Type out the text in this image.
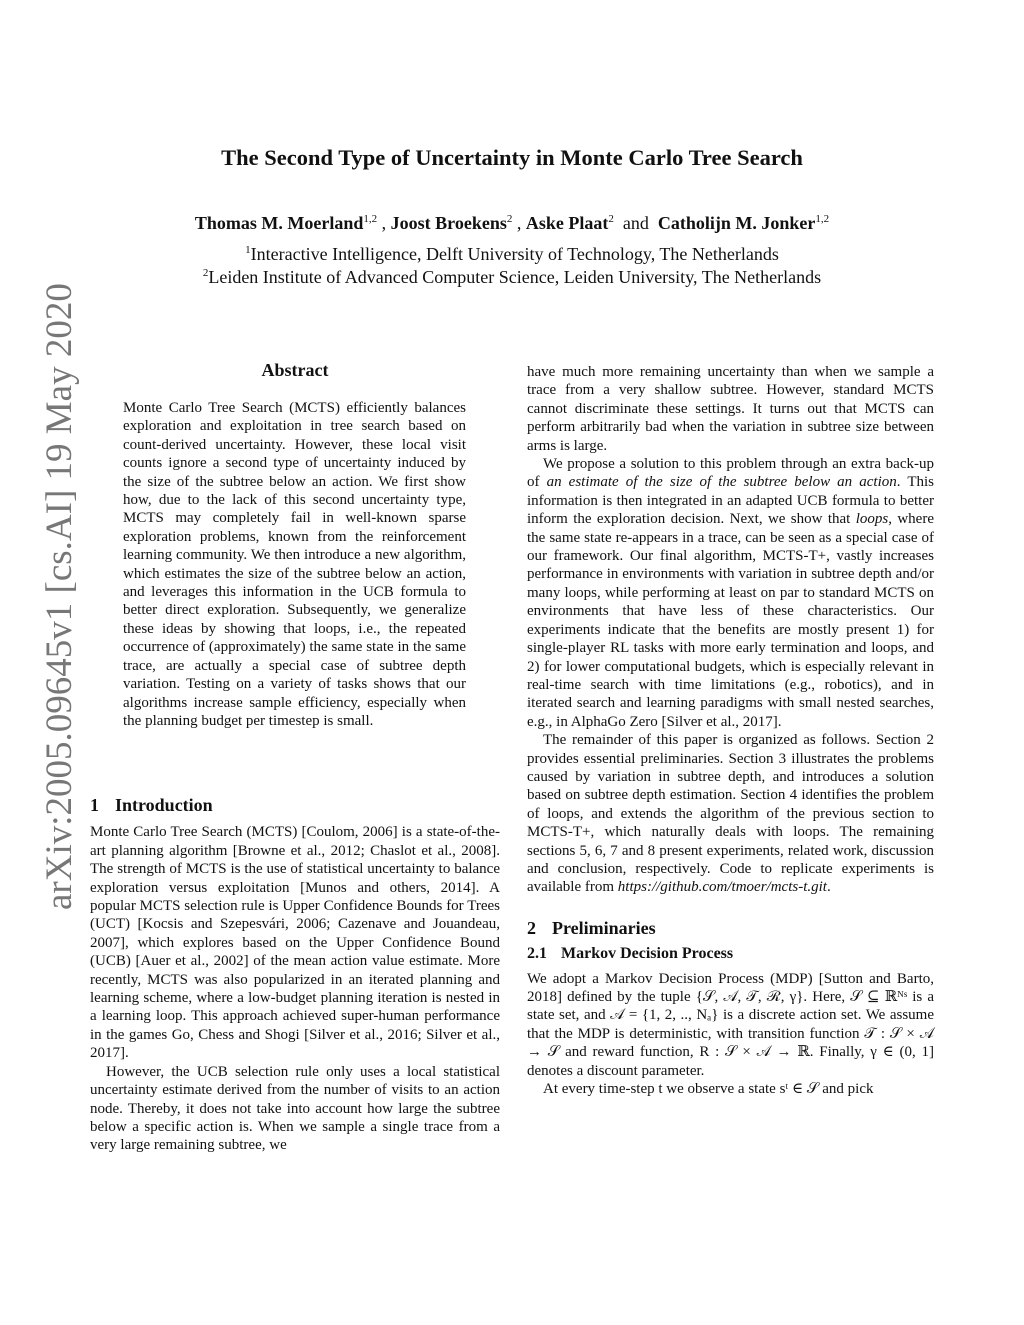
arXiv:2005.09645v1 [cs.AI] 19 May 2020
The Second Type of Uncertainty in Monte Carlo Tree Search
Thomas M. Moerland$^{1,2}$ , Joost Broekens$^2$ , Aske Plaat$^2$ and Catholijn M. Jonker$^{1,2}$
$^1$Interactive Intelligence, Delft University of Technology, The Netherlands
$^2$Leiden Institute of Advanced Computer Science, Leiden University, The Netherlands
Abstract
Monte Carlo Tree Search (MCTS) efficiently balances exploration and exploitation in tree search based on count-derived uncertainty. However, these local visit counts ignore a second type of uncertainty induced by the size of the subtree below an action. We first show how, due to the lack of this second uncertainty type, MCTS may completely fail in well-known sparse exploration problems, known from the reinforcement learning community. We then introduce a new algorithm, which estimates the size of the subtree below an action, and leverages this information in the UCB formula to better direct exploration. Subsequently, we generalize these ideas by showing that loops, i.e., the repeated occurrence of (approximately) the same state in the same trace, are actually a special case of subtree depth variation. Testing on a variety of tasks shows that our algorithms increase sample efficiency, especially when the planning budget per timestep is small.
1 Introduction

Monte Carlo Tree Search (MCTS) [Coulom, 2006] is a state-of-the-art planning algorithm [Browne et al., 2012; Chaslot et al., 2008]. The strength of MCTS is the use of statistical uncertainty to balance exploration versus exploitation [Munos and others, 2014]. A popular MCTS selection rule is Upper Confidence Bounds for Trees (UCT) [Kocsis and Szepesvári, 2006; Cazenave and Jouandeau, 2007], which explores based on the Upper Confidence Bound (UCB) [Auer et al., 2002] of the mean action value estimate. More recently, MCTS was also popularized in an iterated planning and learning scheme, where a low-budget planning iteration is nested in a learning loop. This approach achieved super-human performance in the games Go, Chess and Shogi [Silver et al., 2016; Silver et al., 2017].

However, the UCB selection rule only uses a local statistical uncertainty estimate derived from the number of visits to an action node. Thereby, it does not take into account how large the subtree below a specific action is. When we sample a single trace from a very large remaining subtree, we

have much more remaining uncertainty than when we sample a trace from a very shallow subtree. However, standard MCTS cannot discriminate these settings. It turns out that MCTS can perform arbitrarily bad when the variation in subtree size between arms is large.

We propose a solution to this problem through an extra back-up of an estimate of the size of the subtree below an action. This information is then integrated in an adapted UCB formula to better inform the exploration decision. Next, we show that loops, where the same state re-appears in a trace, can be seen as a special case of our framework. Our final algorithm, MCTS-T+, vastly increases performance in environments with variation in subtree depth and/or many loops, while performing at least on par to standard MCTS on environments that have less of these characteristics. Our experiments indicate that the benefits are mostly present 1) for single-player RL tasks with more early termination and loops, and 2) for lower computational budgets, which is especially relevant in real-time search with time limitations (e.g., robotics), and in iterated search and learning paradigms with small nested searches, e.g., in AlphaGo Zero [Silver et al., 2017].

The remainder of this paper is organized as follows. Section 2 provides essential preliminaries. Section 3 illustrates the problems caused by variation in subtree depth, and introduces a solution based on subtree depth estimation. Section 4 identifies the problem of loops, and extends the algorithm of the previous section to MCTS-T+, which naturally deals with loops. The remaining sections 5, 6, 7 and 8 present experiments, related work, discussion and conclusion, respectively. Code to replicate experiments is available from https://github.com/tmoer/mcts-t.git.

2 Preliminaries
2.1 Markov Decision Process

We adopt a Markov Decision Process (MDP) [Sutton and Barto, 2018] defined by the tuple {𝒮, 𝒜, 𝒯, ℛ, γ}. Here, 𝒮 ⊆ ℝᴺˢ is a state set, and 𝒜 = {1, 2, .., Nₐ} is a discrete action set. We assume that the MDP is deterministic, with transition function 𝒯 : 𝒮 × 𝒜 → 𝒮 and reward function, R : 𝒮 × 𝒜 → ℝ. Finally, γ ∈ (0, 1] denotes a discount parameter.

At every time-step t we observe a state sᵗ ∈ 𝒮 and pick
